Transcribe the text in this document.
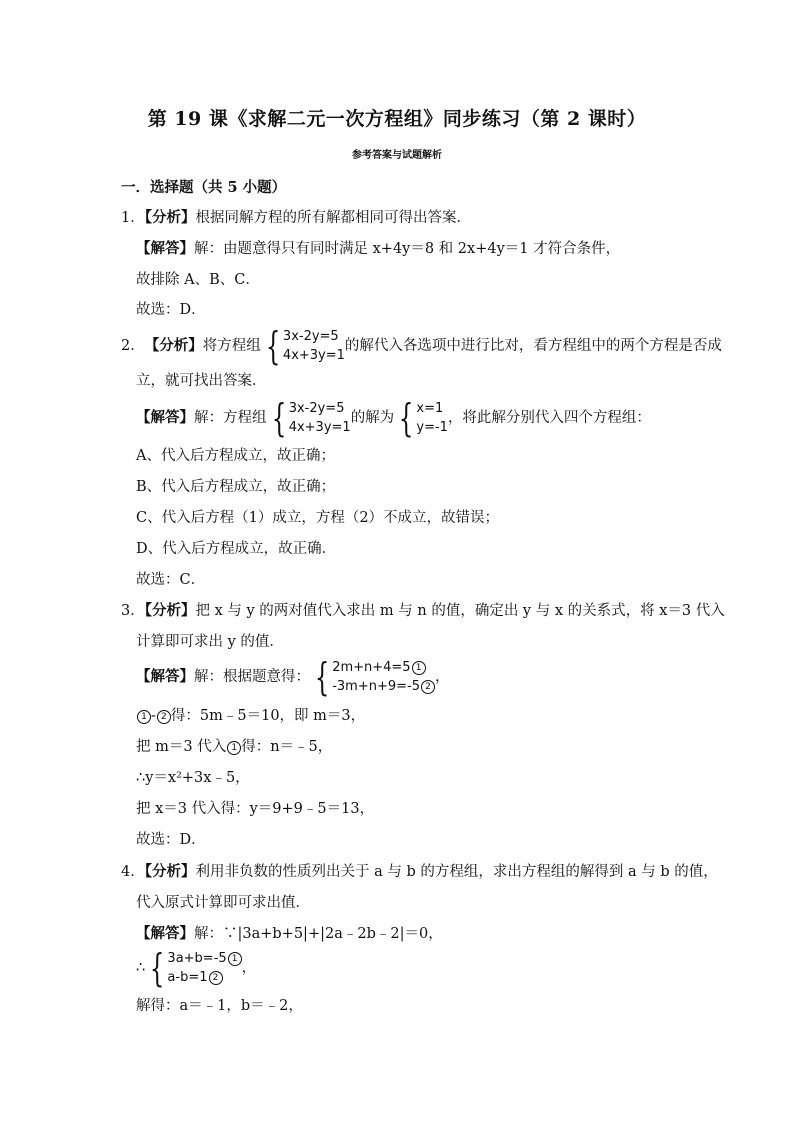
第 19 课《求解二元一次方程组》同步练习（第 2 课时）
参考答案与试题解析
一．选择题（共 5 小题）
1．【分析】根据同解方程的所有解都相同可得出答案．
【解答】解：由题意得只有同时满足 x+4y＝8 和 2x+4y＝1 才符合条件，
故排除 A、B、C．
故选：D．
2． 【分析】 将方程组 { 3x-2y=5
4x+3y=1
的解代入各选项中进行比对，看方程组中的两个方程是否成
立，就可找出答案．
【解答】 解：方程组 { 3x-2y=5
4x+3y=1
的解为 { x=1
y=-1
，将此解分别代入四个方程组：
A、代入后方程成立，故正确；
B、代入后方程成立，故正确；
C、代入后方程（1）成立，方程（2）不成立，故错误；
D、代入后方程成立，故正确．
故选：C．
3．【分析】把 x 与 y 的两对值代入求出 m 与 n 的值，确定出 y 与 x 的关系式，将 x＝3 代入
计算即可求出 y 的值．
【解答】 解：根据题意得： { 2m+n+4=5 1
-3m+n+9=-5 2
，
1 - 2 得：5m﹣5＝10，即 m＝3，
把 m＝3 代入 1 得：n＝﹣5，
∴y＝x²+3x﹣5，
把 x＝3 代入得：y＝9+9﹣5＝13，
故选：D．
4．【分析】利用非负数的性质列出关于 a 与 b 的方程组，求出方程组的解得到 a 与 b 的值，
代入原式计算即可求出值．
【解答】解：∵|3a+b+5|+|2a﹣2b﹣2|＝0，
∴ { 3a+b=-5 1
a-b=1 2
，
解得：a＝﹣1，b＝﹣2，
